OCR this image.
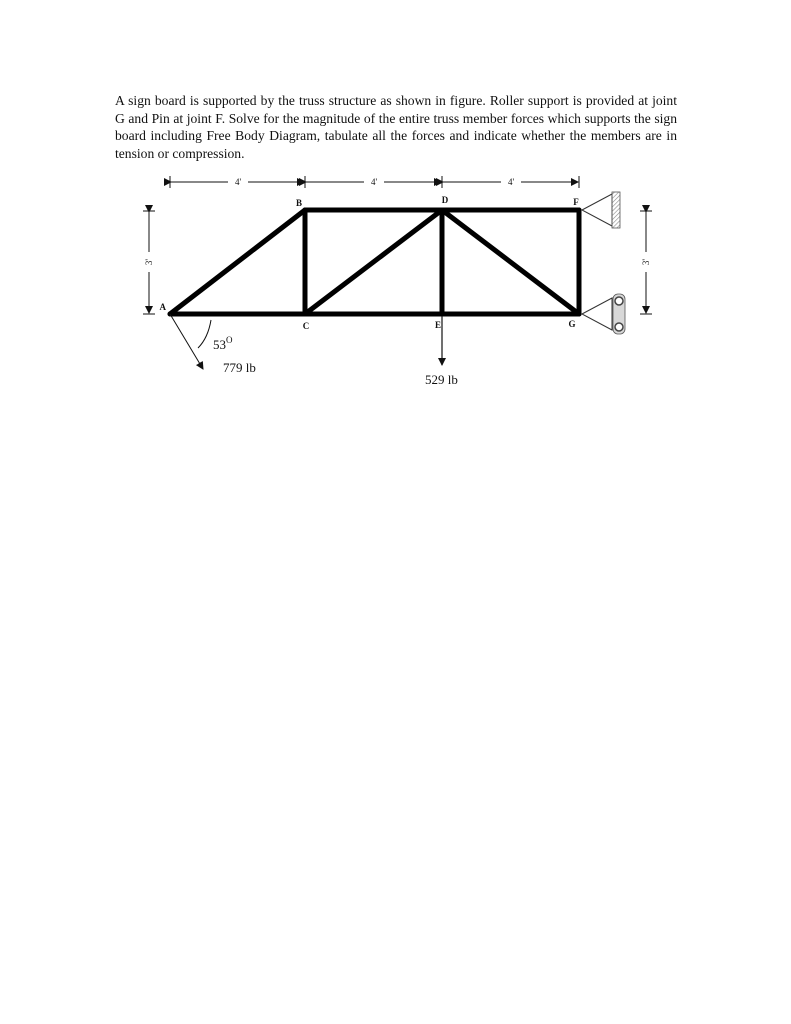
A sign board is supported by the truss structure as shown in figure. Roller support is provided at joint G and Pin at joint F. Solve for the magnitude of the entire truss member forces which supports the sign board including Free Body Diagram, tabulate all the forces and indicate whether the members are in tension or compression.

4'	4'	4'
3'	3'
A
B
C
D
E
F
G
$53^O$
779 lb
529 lb
